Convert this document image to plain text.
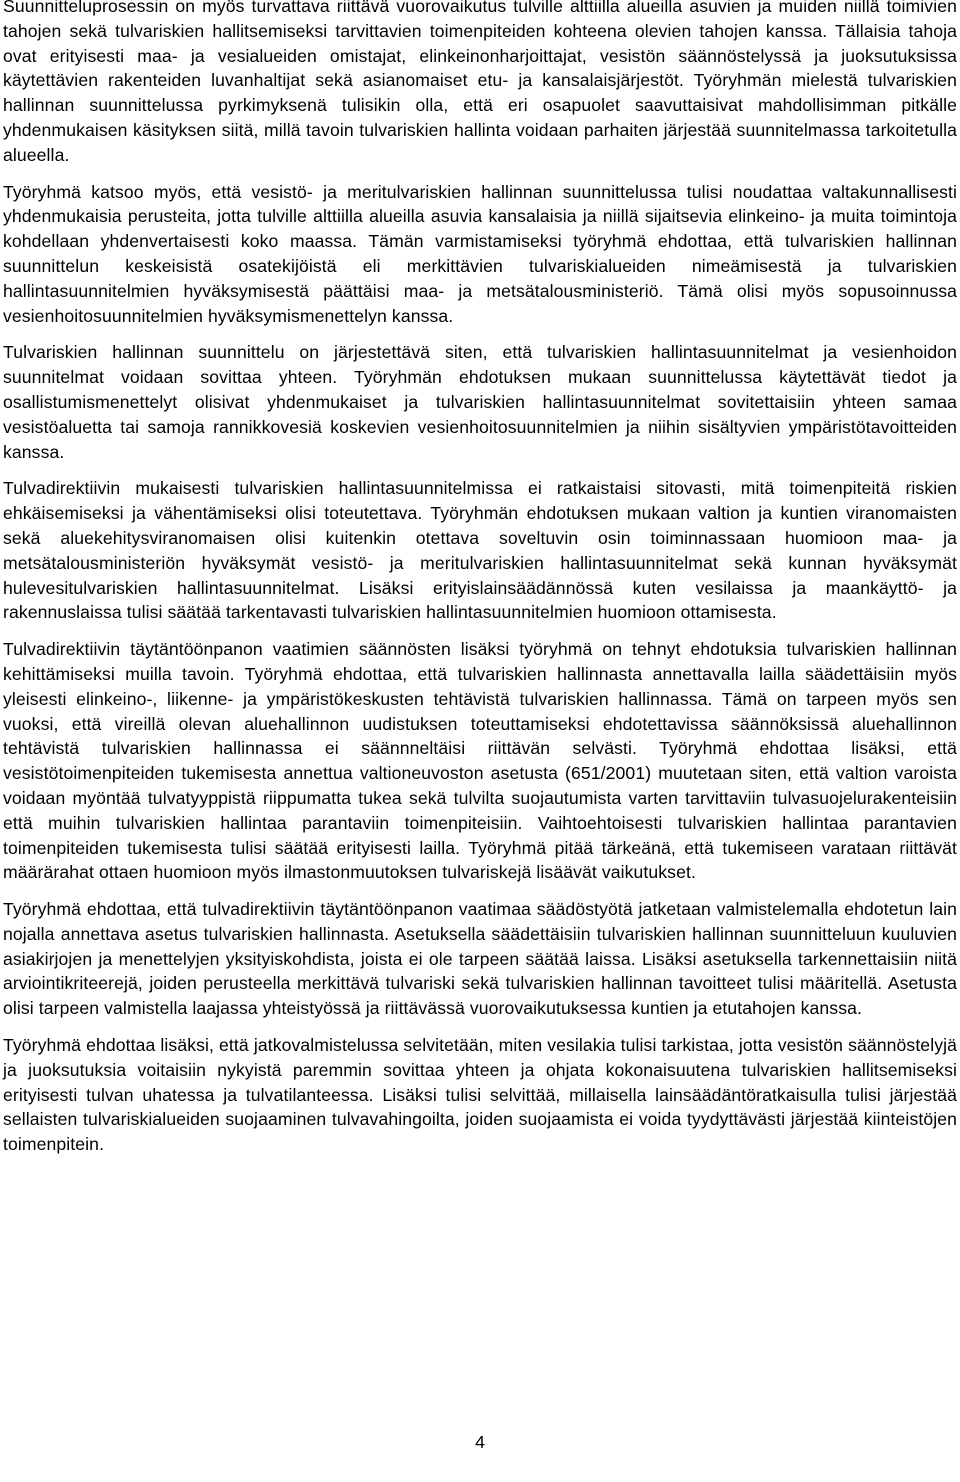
Suunnitteluprosessin on myös turvattava riittävä vuorovaikutus tulville alttiilla alueilla asuvien ja muiden niillä toimivien tahojen sekä tulvariskien hallitsemiseksi tarvittavien toimenpiteiden kohteena olevien tahojen kanssa. Tällaisia tahoja ovat erityisesti maa- ja vesialueiden omistajat, elinkeinonharjoittajat, vesistön säännöstelyssä ja juoksutuksissa käytettävien rakenteiden luvanhaltijat sekä asianomaiset etu- ja kansalaisjärjestöt. Työryhmän mielestä tulvariskien hallinnan suunnittelussa pyrkimyksenä tulisikin olla, että eri osapuolet saavuttaisivat mahdollisimman pitkälle yhdenmukaisen käsityksen siitä, millä tavoin tulvariskien hallinta voidaan parhaiten järjestää suunnitelmassa tarkoitetulla alueella.

Työryhmä katsoo myös, että vesistö- ja meritulvariskien hallinnan suunnittelussa tulisi noudattaa valtakunnallisesti yhdenmukaisia perusteita, jotta tulville alttiilla alueilla asuvia kansalaisia ja niillä sijaitsevia elinkeino- ja muita toimintoja kohdellaan yhdenvertaisesti koko maassa. Tämän varmistamiseksi työryhmä ehdottaa, että tulvariskien hallinnan suunnittelun keskeisistä osatekijöistä eli merkittävien tulvariskialueiden nimeämisestä ja tulvariskien hallintasuunnitelmien hyväksymisestä päättäisi maa- ja metsätalousministeriö. Tämä olisi myös sopusoinnussa vesienhoitosuunnitelmien hyväksymismenettelyn kanssa.

Tulvariskien hallinnan suunnittelu on järjestettävä siten, että tulvariskien hallintasuunnitelmat ja vesienhoidon suunnitelmat voidaan sovittaa yhteen. Työryhmän ehdotuksen mukaan suunnittelussa käytettävät tiedot ja osallistumismenettelyt olisivat yhdenmukaiset ja tulvariskien hallintasuunnitelmat sovitettaisiin yhteen samaa vesistöaluetta tai samoja rannikkovesiä koskevien vesienhoitosuunnitelmien ja niihin sisältyvien ympäristötavoitteiden kanssa.

Tulvadirektiivin mukaisesti tulvariskien hallintasuunnitelmissa ei ratkaistaisi sitovasti, mitä toimenpiteitä riskien ehkäisemiseksi ja vähentämiseksi olisi toteutettava. Työryhmän ehdotuksen mukaan valtion ja kuntien viranomaisten sekä aluekehitysviranomaisen olisi kuitenkin otettava soveltuvin osin toiminnassaan huomioon maa- ja metsätalousministeriön hyväksymät vesistö- ja meritulvariskien hallintasuunnitelmat sekä kunnan hyväksymät hulevesitulvariskien hallintasuunnitelmat. Lisäksi erityislainsäädännössä kuten vesilaissa ja maankäyttö- ja rakennuslaissa tulisi säätää tarkentavasti tulvariskien hallintasuunnitelmien huomioon ottamisesta.

Tulvadirektiivin täytäntöönpanon vaatimien säännösten lisäksi työryhmä on tehnyt ehdotuksia tulvariskien hallinnan kehittämiseksi muilla tavoin. Työryhmä ehdottaa, että tulvariskien hallinnasta annettavalla lailla säädettäisiin myös yleisesti elinkeino-, liikenne- ja ympäristökeskusten tehtävistä tulvariskien hallinnassa. Tämä on tarpeen myös sen vuoksi, että vireillä olevan aluehallinnon uudistuksen toteuttamiseksi ehdotettavissa säännöksissä aluehallinnon tehtävistä tulvariskien hallinnassa ei säännneltäisi riittävän selvästi. Työryhmä ehdottaa lisäksi, että vesistötoimenpiteiden tukemisesta annettua valtioneuvoston asetusta (651/2001) muutetaan siten, että valtion varoista voidaan myöntää tulvatyyppistä riippumatta tukea sekä tulvilta suojautumista varten tarvittaviin tulvasuojelurakenteisiin että muihin tulvariskien hallintaa parantaviin toimenpiteisiin. Vaihtoehtoisesti tulvariskien hallintaa parantavien toimenpiteiden tukemisesta tulisi säätää erityisesti lailla. Työryhmä pitää tärkeänä, että tukemiseen varataan riittävät määrärahat ottaen huomioon myös ilmastonmuutoksen tulvariskejä lisäävät vaikutukset.

Työryhmä ehdottaa, että tulvadirektiivin täytäntöönpanon vaatimaa säädöstyötä jatketaan valmistelemalla ehdotetun lain nojalla annettava asetus tulvariskien hallinnasta. Asetuksella säädettäisiin tulvariskien hallinnan suunnitteluun kuuluvien asiakirjojen ja menettelyjen yksityiskohdista, joista ei ole tarpeen säätää laissa. Lisäksi asetuksella tarkennettaisiin niitä arviointikriteerejä, joiden perusteella merkittävä tulvariski sekä tulvariskien hallinnan tavoitteet tulisi määritellä. Asetusta olisi tarpeen valmistella laajassa yhteistyössä ja riittävässä vuorovaikutuksessa kuntien ja etutahojen kanssa.

Työryhmä ehdottaa lisäksi, että jatkovalmistelussa selvitetään, miten vesilakia tulisi tarkistaa, jotta vesistön säännöstelyjä ja juoksutuksia voitaisiin nykyistä paremmin sovittaa yhteen ja ohjata kokonaisuutena tulvariskien hallitsemiseksi erityisesti tulvan uhatessa ja tulvatilanteessa. Lisäksi tulisi selvittää, millaisella lainsäädäntöratkaisulla tulisi järjestää sellaisten tulvariskialueiden suojaaminen tulvavahingoilta, joiden suojaamista ei voida tyydyttävästi järjestää kiinteistöjen toimenpitein.

4
